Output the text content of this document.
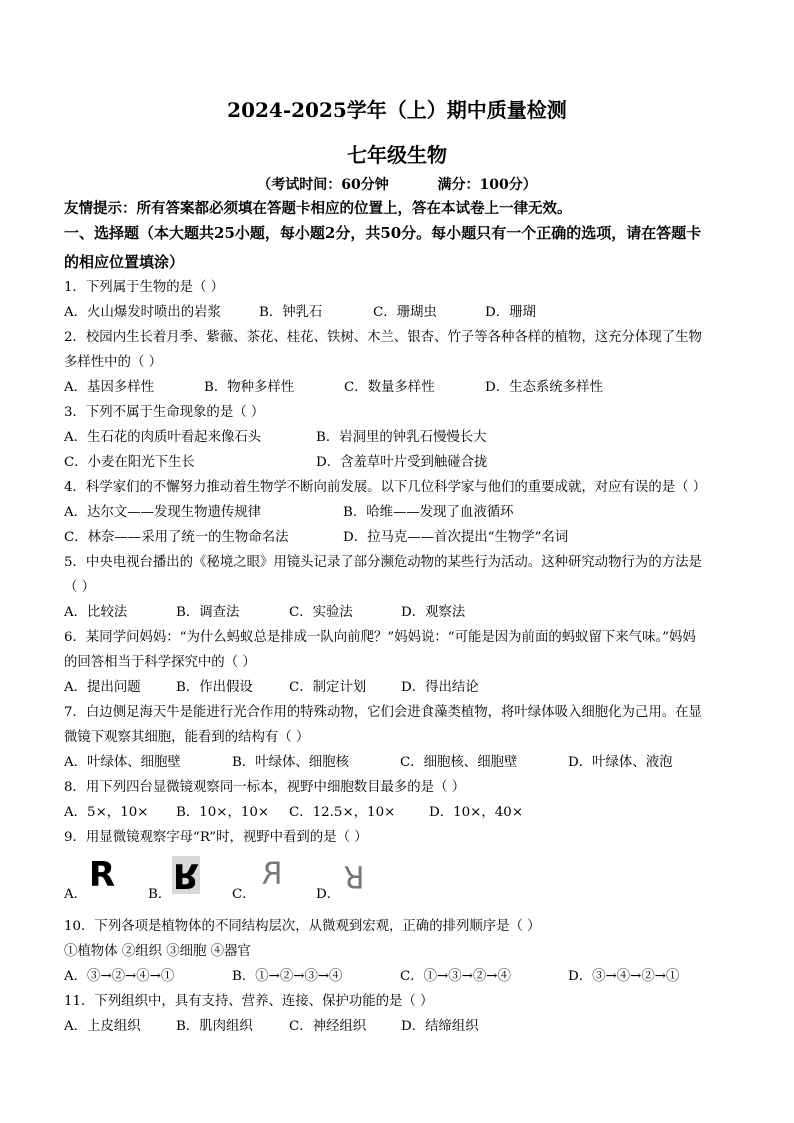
2024-2025学年（上）期中质量检测
七年级生物
（考试时间：60分钟          满分：100分）
友情提示：所有答案都必须填在答题卡相应的位置上，答在本试卷上一律无效。
一、选择题（本大题共25小题，每小题2分，共50分。每小题只有一个正确的选项，请在答题卡
的相应位置填涂）
1．下列属于生物的是（ ）
A．火山爆发时喷出的岩浆	B．钟乳石	C．珊瑚虫	D．珊瑚
2．校园内生长着月季、紫薇、茶花、桂花、铁树、木兰、银杏、竹子等各种各样的植物，这充分体现了生物
多样性中的（ ）
A．基因多样性	B．物种多样性	C．数量多样性	D．生态系统多样性
3．下列不属于生命现象的是（ ）
A．生石花的肉质叶看起来像石头	B．岩洞里的钟乳石慢慢长大
C．小麦在阳光下生长	D．含羞草叶片受到触碰合拢
4．科学家们的不懈努力推动着生物学不断向前发展。以下几位科学家与他们的重要成就，对应有误的是（ ）
A．达尔文——发现生物遗传规律	B．哈维——发现了血液循环
C．林奈——采用了统一的生物命名法	D．拉马克——首次提出“生物学”名词
5．中央电视台播出的《秘境之眼》用镜头记录了部分濒危动物的某些行为活动。这种研究动物行为的方法是
（ ）
A．比较法	B．调查法	C．实验法	D．观察法
6．某同学问妈妈：“为什么蚂蚁总是排成一队向前爬？”妈妈说：“可能是因为前面的蚂蚁留下来气味。”妈妈
的回答相当于科学探究中的（ ）
A．提出问题	B．作出假设	C．制定计划	D．得出结论
7．白边侧足海天牛是能进行光合作用的特殊动物，它们会进食藻类植物，将叶绿体吸入细胞化为己用。在显
微镜下观察其细胞，能看到的结构有（ ）
A．叶绿体、细胞壁	B．叶绿体、细胞核	C．细胞核、细胞壁	D．叶绿体、液泡
8．用下列四台显微镜观察同一标本，视野中细胞数目最多的是（ ）
A．5×，10× B．10×，10× C．12.5×，10×	D．10×，40×
9．用显微镜观察字母“R”时，视野中看到的是（ ）
A． R B． R C．
R
D．
R
10．下列各项是植物体的不同结构层次，从微观到宏观，正确的排列顺序是（ ）
①植物体 ②组织 ③细胞 ④器官
A．③→②→④→①	B．①→②→③→④	C．①→③→②→④	D．③→④→②→①
11．下列组织中，具有支持、营养、连接、保护功能的是（ ）
A．上皮组织	B．肌肉组织	C．神经组织	D．结缔组织
